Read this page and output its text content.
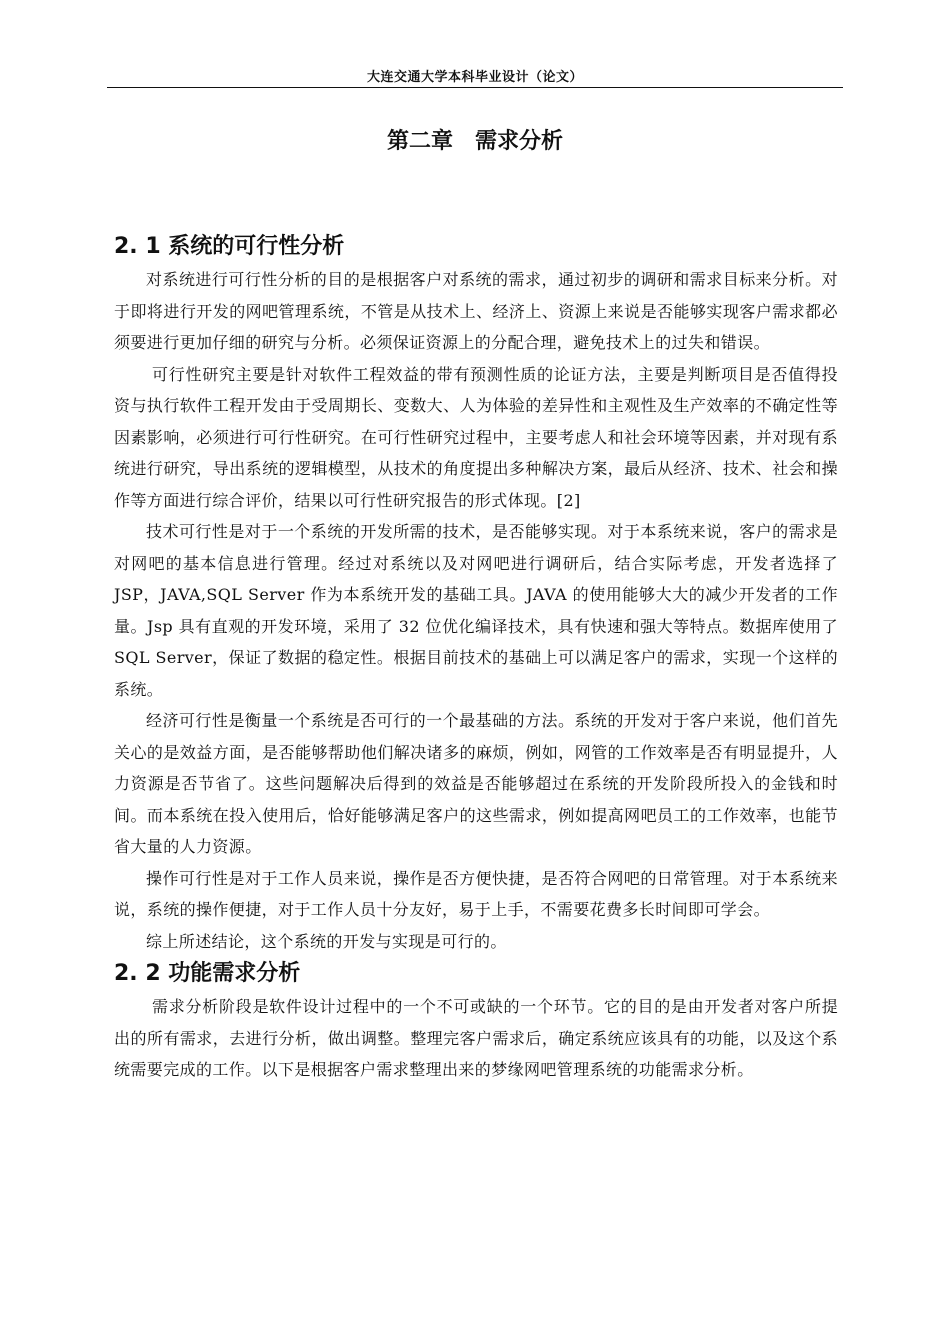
大连交通大学本科毕业设计（论文）
第二章　需求分析
2. 1 系统的可行性分析

对系统进行可行性分析的目的是根据客户对系统的需求，通过初步的调研和需求目标来分析。对于即将进行开发的网吧管理系统，不管是从技术上、经济上、资源上来说是否能够实现客户需求都必须要进行更加仔细的研究与分析。必须保证资源上的分配合理，避免技术上的过失和错误。

可行性研究主要是针对软件工程效益的带有预测性质的论证方法，主要是判断项目是否值得投资与执行软件工程开发由于受周期长、变数大、人为体验的差异性和主观性及生产效率的不确定性等因素影响，必须进行可行性研究。在可行性研究过程中，主要考虑人和社会环境等因素，并对现有系统进行研究，导出系统的逻辑模型，从技术的角度提出多种解决方案，最后从经济、技术、社会和操作等方面进行综合评价，结果以可行性研究报告的形式体现。[2]

技术可行性是对于一个系统的开发所需的技术，是否能够实现。对于本系统来说，客户的需求是对网吧的基本信息进行管理。经过对系统以及对网吧进行调研后，结合实际考虑，开发者选择了 JSP，JAVA,SQL Server 作为本系统开发的基础工具。JAVA 的使用能够大大的减少开发者的工作量。Jsp 具有直观的开发环境，采用了 32 位优化编译技术，具有快速和强大等特点。数据库使用了 SQL Server，保证了数据的稳定性。根据目前技术的基础上可以满足客户的需求，实现一个这样的系统。

经济可行性是衡量一个系统是否可行的一个最基础的方法。系统的开发对于客户来说，他们首先关心的是效益方面，是否能够帮助他们解决诸多的麻烦，例如，网管的工作效率是否有明显提升，人力资源是否节省了。这些问题解决后得到的效益是否能够超过在系统的开发阶段所投入的金钱和时间。而本系统在投入使用后，恰好能够满足客户的这些需求，例如提高网吧员工的工作效率，也能节省大量的人力资源。

操作可行性是对于工作人员来说，操作是否方便快捷，是否符合网吧的日常管理。对于本系统来说，系统的操作便捷，对于工作人员十分友好，易于上手，不需要花费多长时间即可学会。

综上所述结论，这个系统的开发与实现是可行的。

2. 2 功能需求分析

需求分析阶段是软件设计过程中的一个不可或缺的一个环节。它的目的是由开发者对客户所提出的所有需求，去进行分析，做出调整。整理完客户需求后，确定系统应该具有的功能，以及这个系统需要完成的工作。以下是根据客户需求整理出来的梦缘网吧管理系统的功能需求分析。
